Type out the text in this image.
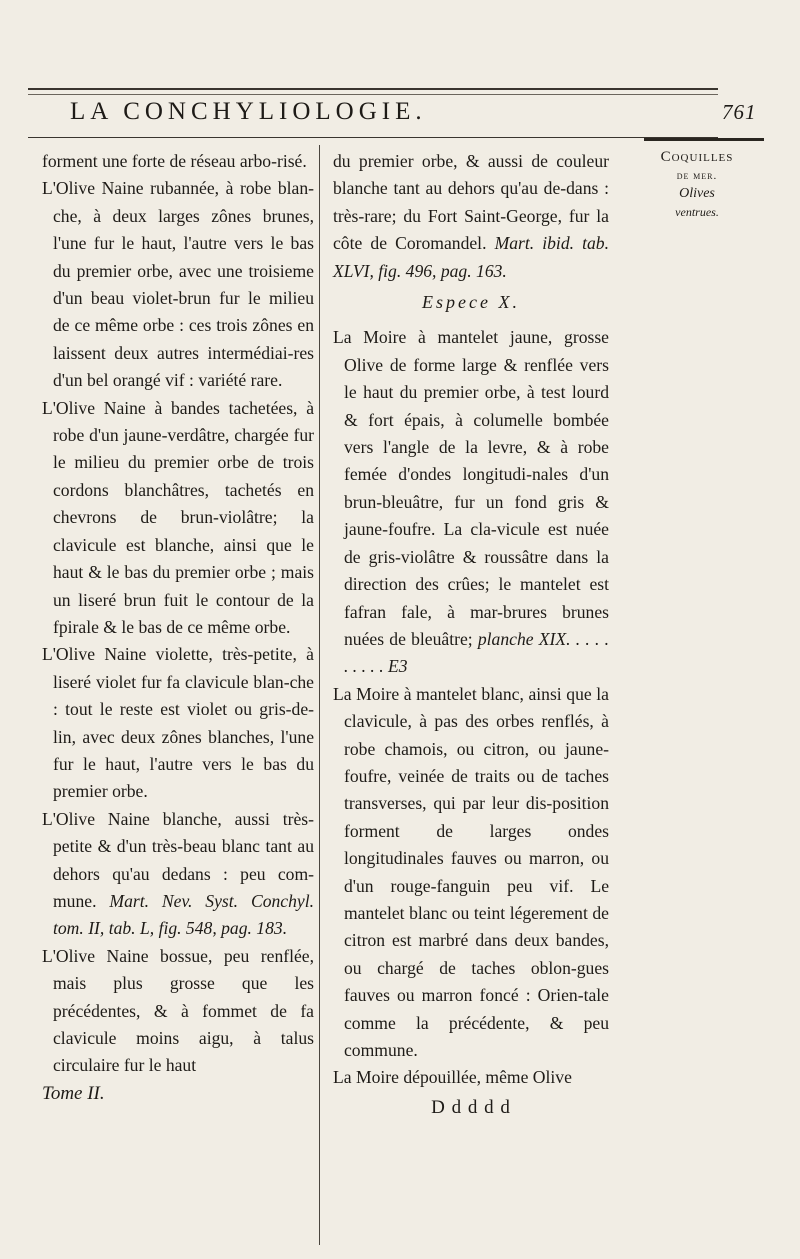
LA CONCHYLIOLOGIE.	761
Coquilles
de mer.
Olives
ventrues.

forment une forte de réseau arbo-risé.

L'Olive Naine rubannée, à robe blan-che, à deux larges zônes brunes, l'une fur le haut, l'autre vers le bas du premier orbe, avec une troisieme d'un beau violet-brun fur le milieu de ce même orbe : ces trois zônes en laissent deux autres intermédiai-res d'un bel orangé vif : variété rare.

L'Olive Naine à bandes tachetées, à robe d'un jaune-verdâtre, chargée fur le milieu du premier orbe de trois cordons blanchâtres, tachetés en chevrons de brun-violâtre; la clavicule est blanche, ainsi que le haut & le bas du premier orbe ; mais un liseré brun fuit le contour de la fpirale & le bas de ce même orbe.

L'Olive Naine violette, très-petite, à liseré violet fur fa clavicule blan-che : tout le reste est violet ou gris-de-lin, avec deux zônes blanches, l'une fur le haut, l'autre vers le bas du premier orbe.

L'Olive Naine blanche, aussi très-petite & d'un très-beau blanc tant au dehors qu'au dedans : peu com-mune. Mart. Nev. Syst. Conchyl. tom. II, tab. L, fig. 548, pag. 183.

L'Olive Naine bossue, peu renflée, mais plus grosse que les précédentes, & à fommet de fa clavicule moins aigu, à talus circulaire fur le haut

Tome II.

du premier orbe, & aussi de couleur blanche tant au dehors qu'au de-dans : très-rare; du Fort Saint-George, fur la côte de Coromandel. Mart. ibid. tab. XLVI, fig. 496, pag. 163.

Espece X.

La Moire à mantelet jaune, grosse Olive de forme large & renflée vers le haut du premier orbe, à test lourd & fort épais, à columelle bombée vers l'angle de la levre, & à robe femée d'ondes longitudi-nales d'un brun-bleuâtre, fur un fond gris & jaune-foufre. La cla-vicule est nuée de gris-violâtre & roussâtre dans la direction des crûes; le mantelet est fafran fale, à mar-brures brunes nuées de bleuâtre; planche XIX. . . . . . . . . . E3

La Moire à mantelet blanc, ainsi que la clavicule, à pas des orbes renflés, à robe chamois, ou citron, ou jaune-foufre, veinée de traits ou de taches transverses, qui par leur dis-position forment de larges ondes longitudinales fauves ou marron, ou d'un rouge-fanguin peu vif. Le mantelet blanc ou teint légerement de citron est marbré dans deux bandes, ou chargé de taches oblon-gues fauves ou marron foncé : Orien-tale comme la précédente, & peu commune.

La Moire dépouillée, même Olive

D d d d d
